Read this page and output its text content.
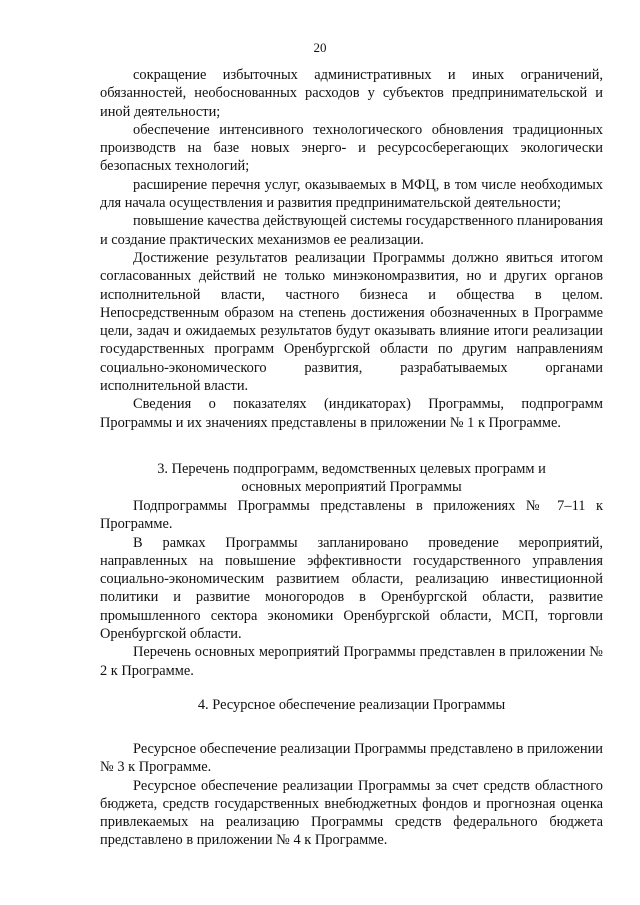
20

сокращение избыточных административных и иных ограничений, обязанностей, необоснованных расходов у субъектов предпринимательской и иной деятельности;

обеспечение интенсивного технологического обновления традиционных производств на базе новых энерго- и ресурсосберегающих экологически безопасных технологий;

расширение перечня услуг, оказываемых в МФЦ, в том числе необходимых для начала осуществления и развития предпринимательской деятельности;

повышение качества действующей системы государственного планирования и создание практических механизмов ее реализации.

Достижение результатов реализации Программы должно явиться итогом согласованных действий не только минэкономразвития, но и других органов исполнительной власти, частного бизнеса и общества в целом. Непосредственным образом на степень достижения обозначенных в Программе цели, задач и ожидаемых результатов будут оказывать влияние итоги реализации государственных программ Оренбургской области по другим направлениям социально-экономического развития, разрабатываемых органами исполнительной власти.

Сведения о показателях (индикаторах) Программы, подпрограмм Программы и их значениях представлены в приложении № 1 к Программе.

3. Перечень подпрограмм, ведомственных целевых программ и
основных мероприятий Программы

Подпрограммы Программы представлены в приложениях № 7–11 к Программе.

В рамках Программы запланировано проведение мероприятий, направленных на повышение эффективности государственного управления социально-экономическим развитием области, реализацию инвестиционной политики и развитие моногородов в Оренбургской области, развитие промышленного сектора экономики Оренбургской области, МСП, торговли Оренбургской области.

Перечень основных мероприятий Программы представлен в приложении № 2 к Программе.

4. Ресурсное обеспечение реализации Программы

Ресурсное обеспечение реализации Программы представлено в приложении № 3 к Программе.

Ресурсное обеспечение реализации Программы за счет средств областного бюджета, средств государственных внебюджетных фондов и прогнозная оценка привлекаемых на реализацию Программы средств федерального бюджета представлено в приложении № 4 к Программе.
